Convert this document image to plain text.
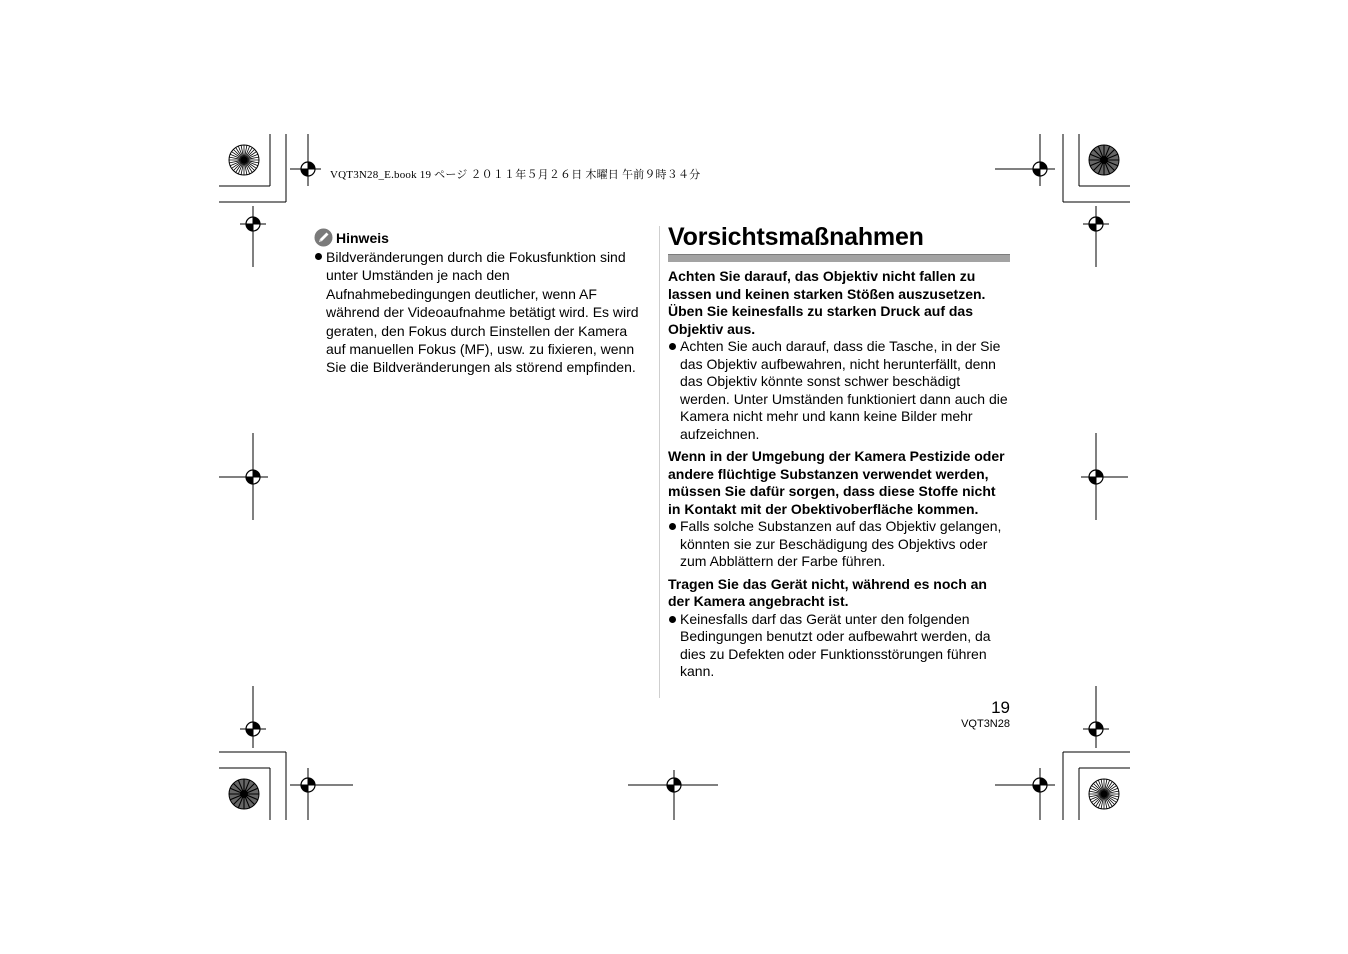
VQT3N28_E.book 19 ページ ２０１１年５月２６日 木曜日 午前９時３４分
Hinweis
Bildveränderungen durch die Fokusfunktion sind unter Umständen je nach den Aufnahmebedingungen deutlicher, wenn AF während der Videoaufnahme betätigt wird. Es wird geraten, den Fokus durch Einstellen der Kamera auf manuellen Fokus (MF), usw. zu fixieren, wenn Sie die Bildveränderungen als störend empfinden.
Vorsichtsmaßnahmen
Achten Sie darauf, das Objektiv nicht fallen zu lassen und keinen starken Stößen auszusetzen. Üben Sie keinesfalls zu starken Druck auf das Objektiv aus.
Achten Sie auch darauf, dass die Tasche, in der Sie das Objektiv aufbewahren, nicht herunterfällt, denn das Objektiv könnte sonst schwer beschädigt werden. Unter Umständen funktioniert dann auch die Kamera nicht mehr und kann keine Bilder mehr aufzeichnen.
Wenn in der Umgebung der Kamera Pestizide oder andere flüchtige Substanzen verwendet werden, müssen Sie dafür sorgen, dass diese Stoffe nicht in Kontakt mit der Obektivoberfläche kommen.
Falls solche Substanzen auf das Objektiv gelangen, könnten sie zur Beschädigung des Objektivs oder zum Abblättern der Farbe führen.
Tragen Sie das Gerät nicht, während es noch an der Kamera angebracht ist.
Keinesfalls darf das Gerät unter den folgenden Bedingungen benutzt oder aufbewahrt werden, da dies zu Defekten oder Funktionsstörungen führen kann.
19
VQT3N28
